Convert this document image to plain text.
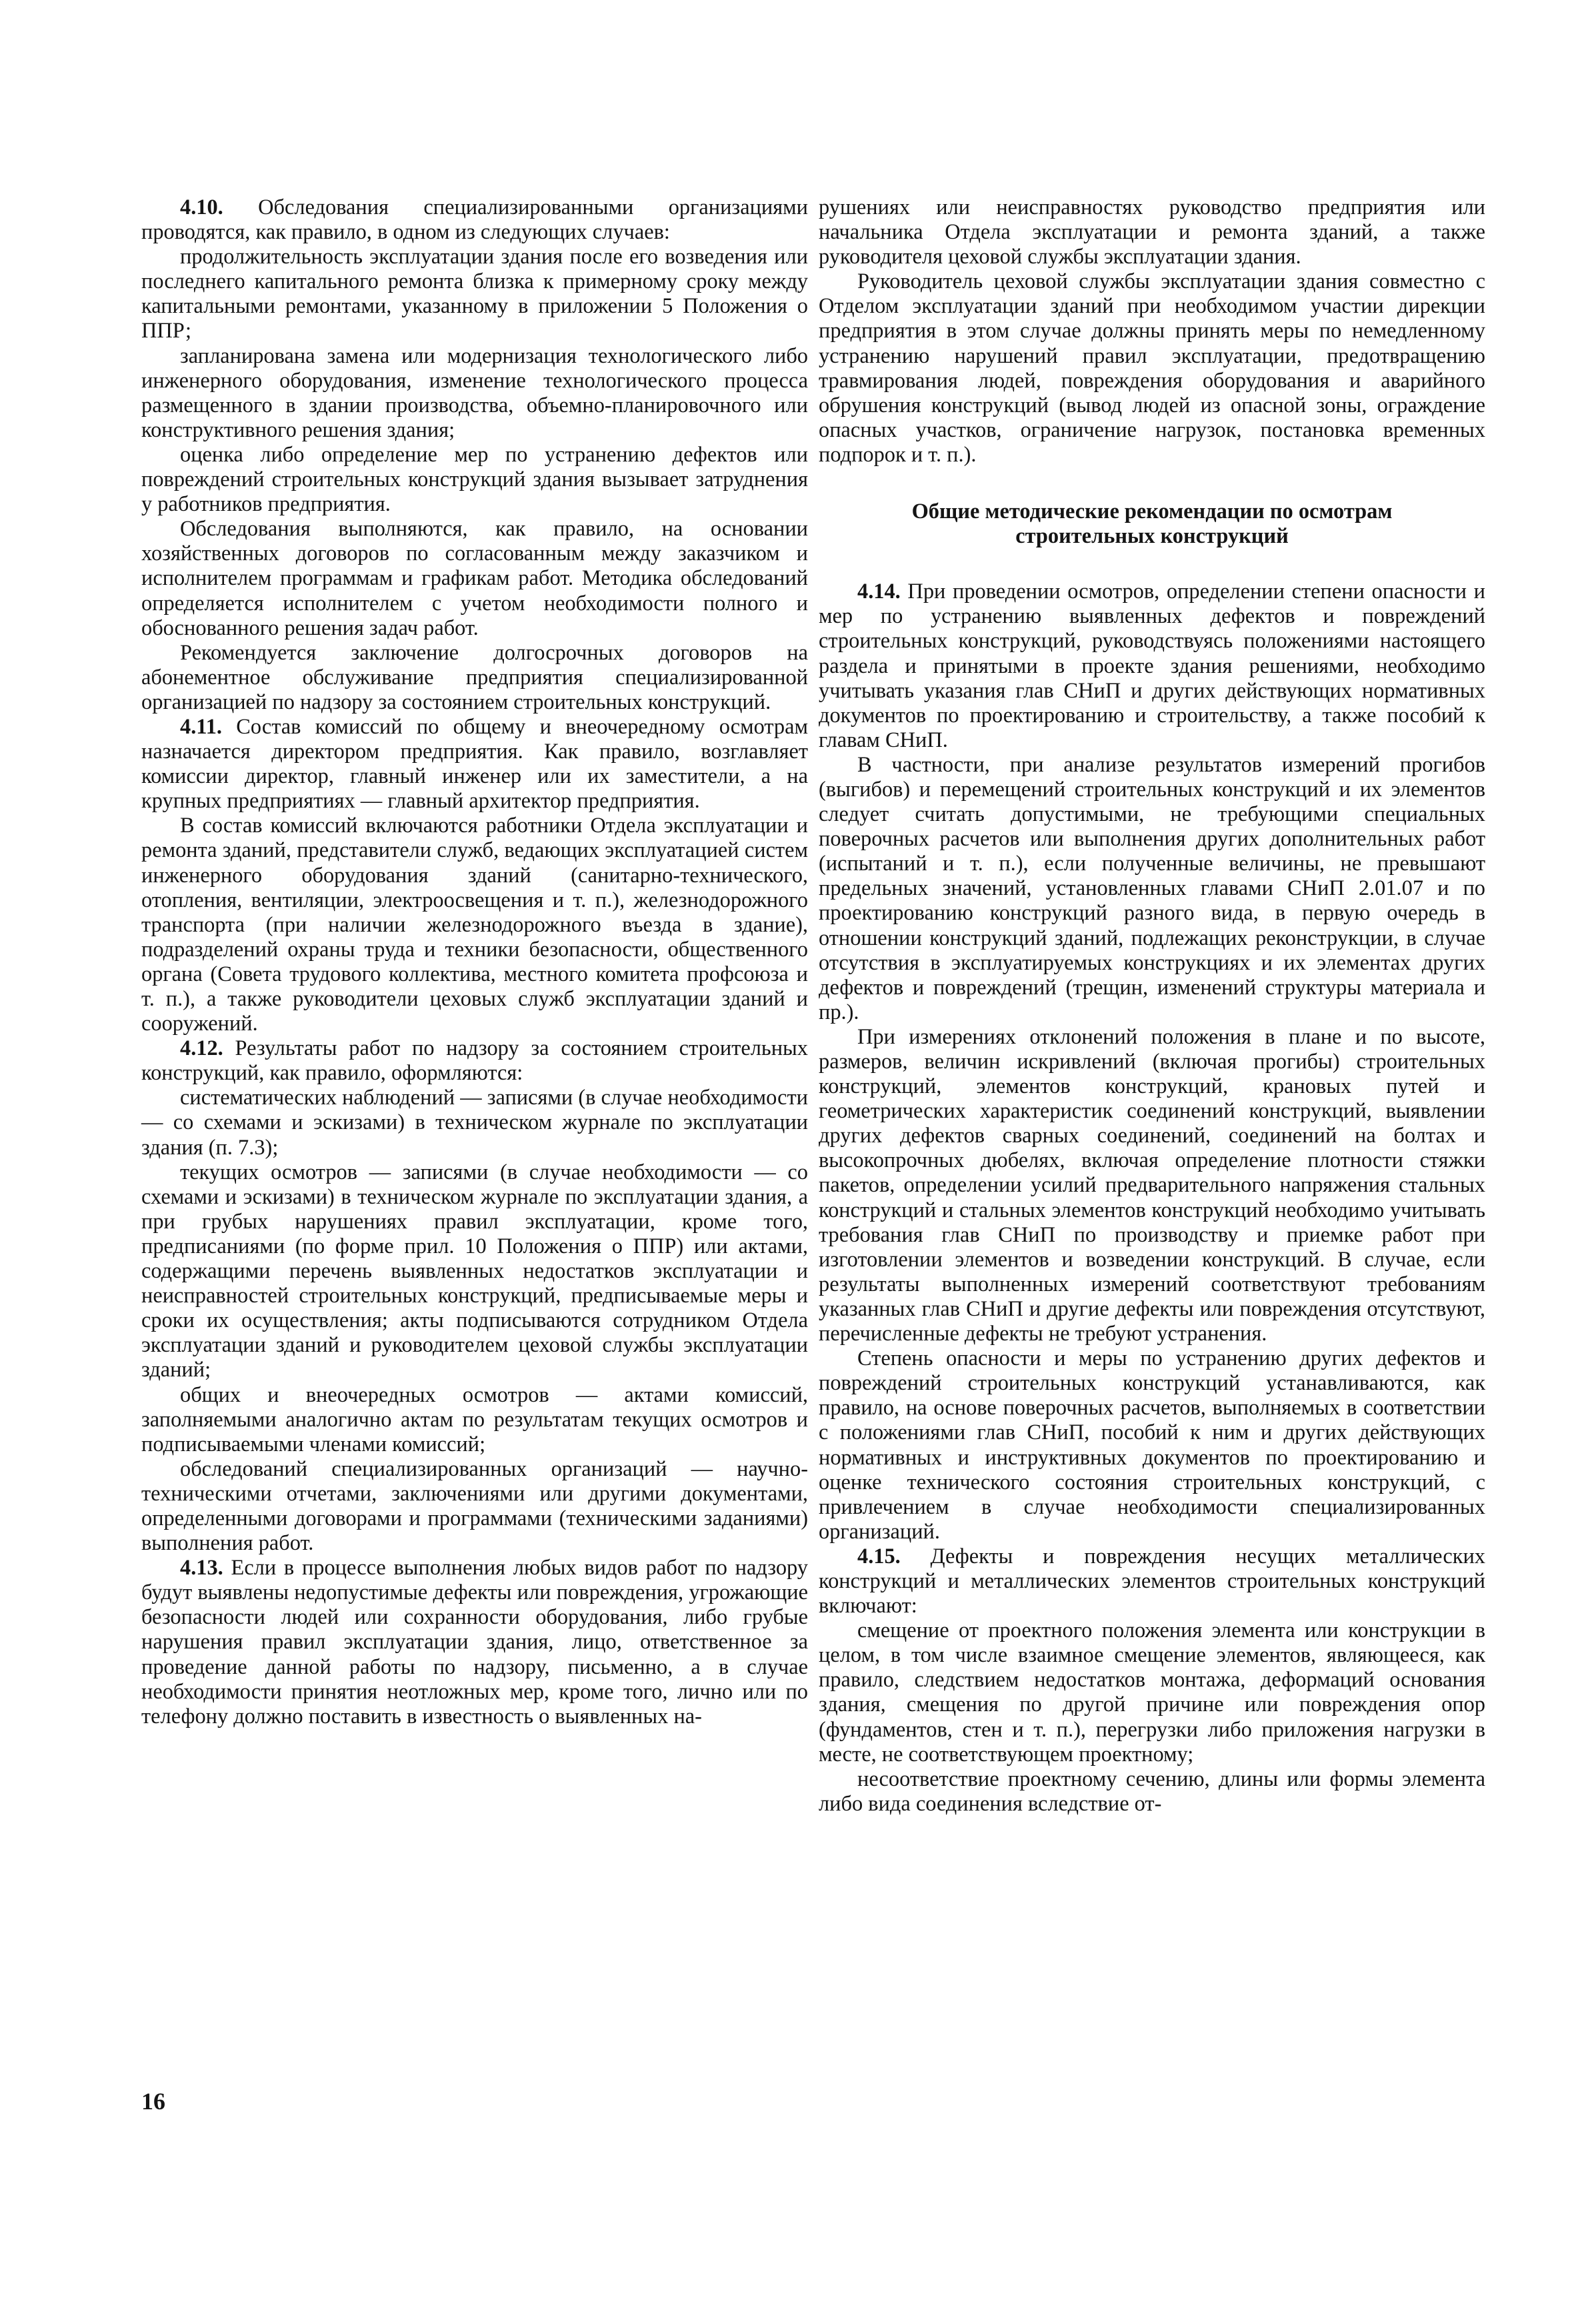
4.10. Обследования специализированными организациями проводятся, как правило, в одном из следующих случаев:

продолжительность эксплуатации здания после его возведения или последнего капитального ремонта близка к примерному сроку между капитальными ремонтами, указанному в приложении 5 Положения о ППР;

запланирована замена или модернизация технологического либо инженерного оборудования, изменение технологического процесса размещенного в здании производства, объемно-планировочного или конструктивного решения здания;

оценка либо определение мер по устранению дефектов или повреждений строительных конструкций здания вызывает затруднения у работников предприятия.

Обследования выполняются, как правило, на основании хозяйственных договоров по согласованным между заказчиком и исполнителем программам и графикам работ. Методика обследований определяется исполнителем с учетом необходимости полного и обоснованного решения задач работ.

Рекомендуется заключение долгосрочных договоров на абонементное обслуживание предприятия специализированной организацией по надзору за состоянием строительных конструкций.

4.11. Состав комиссий по общему и внеочередному осмотрам назначается директором предприятия. Как правило, возглавляет комиссии директор, главный инженер или их заместители, а на крупных предприятиях — главный архитектор предприятия.

В состав комиссий включаются работники Отдела эксплуатации и ремонта зданий, представители служб, ведающих эксплуатацией систем инженерного оборудования зданий (санитарно-технического, отопления, вентиляции, электроосвещения и т. п.), железнодорожного транспорта (при наличии железнодорожного въезда в здание), подразделений охраны труда и техники безопасности, общественного органа (Совета трудового коллектива, местного комитета профсоюза и т. п.), а также руководители цеховых служб эксплуатации зданий и сооружений.

4.12. Результаты работ по надзору за состоянием строительных конструкций, как правило, оформляются:

систематических наблюдений — записями (в случае необходимости — со схемами и эскизами) в техническом журнале по эксплуатации здания (п. 7.3);

текущих осмотров — записями (в случае необходимости — со схемами и эскизами) в техническом журнале по эксплуатации здания, а при грубых нарушениях правил эксплуатации, кроме того, предписаниями (по форме прил. 10 Положения о ППР) или актами, содержащими перечень выявленных недостатков эксплуатации и неисправностей строительных конструкций, предписываемые меры и сроки их осуществления; акты подписываются сотрудником Отдела эксплуатации зданий и руководителем цеховой службы эксплуатации зданий;

общих и внеочередных осмотров — актами комиссий, заполняемыми аналогично актам по результатам текущих осмотров и подписываемыми членами комиссий;

обследований специализированных организаций — научно-техническими отчетами, заключениями или другими документами, определенными договорами и программами (техническими заданиями) выполнения работ.

4.13. Если в процессе выполнения любых видов работ по надзору будут выявлены недопустимые дефекты или повреждения, угрожающие безопасности людей или сохранности оборудования, либо грубые нарушения правил эксплуатации здания, лицо, ответственное за проведение данной работы по надзору, письменно, а в случае необходимости принятия неотложных мер, кроме того, лично или по телефону должно поставить в известность о выявленных на-

рушениях или неисправностях руководство предприятия или начальника Отдела эксплуатации и ремонта зданий, а также руководителя цеховой службы эксплуатации здания.

Руководитель цеховой службы эксплуатации здания совместно с Отделом эксплуатации зданий при необходимом участии дирекции предприятия в этом случае должны принять меры по немедленному устранению нарушений правил эксплуатации, предотвращению травмирования людей, повреждения оборудования и аварийного обрушения конструкций (вывод людей из опасной зоны, ограждение опасных участков, ограничение нагрузок, постановка временных подпорок и т. п.).

Общие методические рекомендации по осмотрам
строительных конструкций

4.14. При проведении осмотров, определении степени опасности и мер по устранению выявленных дефектов и повреждений строительных конструкций, руководствуясь положениями настоящего раздела и принятыми в проекте здания решениями, необходимо учитывать указания глав СНиП и других действующих нормативных документов по проектированию и строительству, а также пособий к главам СНиП.

В частности, при анализе результатов измерений прогибов (выгибов) и перемещений строительных конструкций и их элементов следует считать допустимыми, не требующими специальных поверочных расчетов или выполнения других дополнительных работ (испытаний и т. п.), если полученные величины, не превышают предельных значений, установленных главами СНиП 2.01.07 и по проектированию конструкций разного вида, в первую очередь в отношении конструкций зданий, подлежащих реконструкции, в случае отсутствия в эксплуатируемых конструкциях и их элементах других дефектов и повреждений (трещин, изменений структуры материала и пр.).

При измерениях отклонений положения в плане и по высоте, размеров, величин искривлений (включая прогибы) строительных конструкций, элементов конструкций, крановых путей и геометрических характеристик соединений конструкций, выявлении других дефектов сварных соединений, соединений на болтах и высокопрочных дюбелях, включая определение плотности стяжки пакетов, определении усилий предварительного напряжения стальных конструкций и стальных элементов конструкций необходимо учитывать требования глав СНиП по производству и приемке работ при изготовлении элементов и возведении конструкций. В случае, если результаты выполненных измерений соответствуют требованиям указанных глав СНиП и другие дефекты или повреждения отсутствуют, перечисленные дефекты не требуют устранения.

Степень опасности и меры по устранению других дефектов и повреждений строительных конструкций устанавливаются, как правило, на основе поверочных расчетов, выполняемых в соответствии с положениями глав СНиП, пособий к ним и других действующих нормативных и инструктивных документов по проектированию и оценке технического состояния строительных конструкций, с привлечением в случае необходимости специализированных организаций.

4.15. Дефекты и повреждения несущих металлических конструкций и металлических элементов строительных конструкций включают:

смещение от проектного положения элемента или конструкции в целом, в том числе взаимное смещение элементов, являющееся, как правило, следствием недостатков монтажа, деформаций основания здания, смещения по другой причине или повреждения опор (фундаментов, стен и т. п.), перегрузки либо приложения нагрузки в месте, не соответствующем проектному;

несоответствие проектному сечению, длины или формы элемента либо вида соединения вследствие от-

16
